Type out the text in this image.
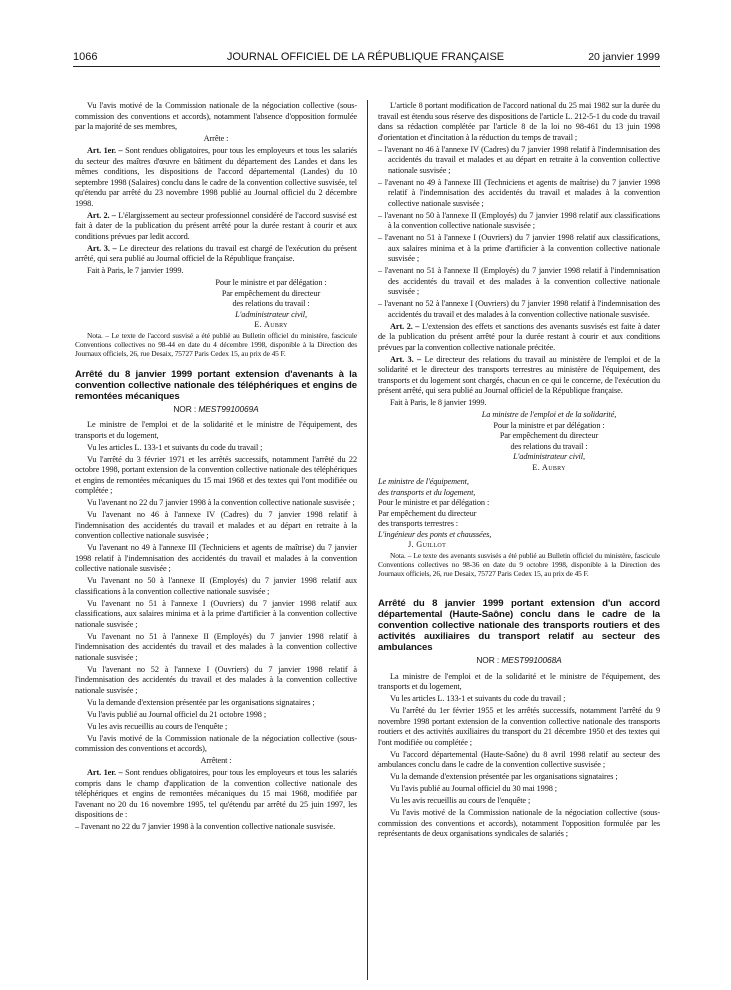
1066	JOURNAL OFFICIEL DE LA RÉPUBLIQUE FRANÇAISE	20 janvier 1999

Vu l'avis motivé de la Commission nationale de la négociation collective (sous-commission des conventions et accords), notamment l'absence d'opposition formulée par la majorité de ses membres,

Arrête :

Art. 1er. – Sont rendues obligatoires, pour tous les employeurs et tous les salariés du secteur des maîtres d'œuvre en bâtiment du département des Landes et dans les mêmes conditions, les dispositions de l'accord départemental (Landes) du 10 septembre 1998 (Salaires) conclu dans le cadre de la convention collective susvisée, tel qu'étendu par arrêté du 23 novembre 1998 publié au Journal officiel du 2 décembre 1998.

Art. 2. – L'élargissement au secteur professionnel considéré de l'accord susvisé est fait à dater de la publication du présent arrêté pour la durée restant à courir et aux conditions prévues par ledit accord.

Art. 3. – Le directeur des relations du travail est chargé de l'exécution du présent arrêté, qui sera publié au Journal officiel de la République française.

Fait à Paris, le 7 janvier 1999.

Pour le ministre et par délégation :
Par empêchement du directeur
des relations du travail :
L'administrateur civil,
E. Aubry

Nota. – Le texte de l'accord susvisé a été publié au Bulletin officiel du ministère, fascicule Conventions collectives no 98-44 en date du 4 décembre 1998, disponible à la Direction des Journaux officiels, 26, rue Desaix, 75727 Paris Cedex 15, au prix de 45 F.

Arrêté du 8 janvier 1999 portant extension d'avenants à la convention collective nationale des téléphériques et engins de remontées mécaniques
NOR : MEST9910069A

Le ministre de l'emploi et de la solidarité et le ministre de l'équipement, des transports et du logement,

Vu les articles L. 133-1 et suivants du code du travail ;

Vu l'arrêté du 3 février 1971 et les arrêtés successifs, notamment l'arrêté du 22 octobre 1998, portant extension de la convention collective nationale des téléphériques et engins de remontées mécaniques du 15 mai 1968 et des textes qui l'ont modifiée ou complétée ;

Vu l'avenant no 22 du 7 janvier 1998 à la convention collective nationale susvisée ;

Vu l'avenant no 46 à l'annexe IV (Cadres) du 7 janvier 1998 relatif à l'indemnisation des accidentés du travail et malades et au départ en retraite à la convention collective nationale susvisée ;

Vu l'avenant no 49 à l'annexe III (Techniciens et agents de maîtrise) du 7 janvier 1998 relatif à l'indemnisation des accidentés du travail et malades à la convention collective nationale susvisée ;

Vu l'avenant no 50 à l'annexe II (Employés) du 7 janvier 1998 relatif aux classifications à la convention collective nationale susvisée ;

Vu l'avenant no 51 à l'annexe I (Ouvriers) du 7 janvier 1998 relatif aux classifications, aux salaires minima et à la prime d'artificier à la convention collective nationale susvisée ;

Vu l'avenant no 51 à l'annexe II (Employés) du 7 janvier 1998 relatif à l'indemnisation des accidentés du travail et des malades à la convention collective nationale susvisée ;

Vu l'avenant no 52 à l'annexe I (Ouvriers) du 7 janvier 1998 relatif à l'indemnisation des accidentés du travail et des malades à la convention collective nationale susvisée ;

Vu la demande d'extension présentée par les organisations signataires ;

Vu l'avis publié au Journal officiel du 21 octobre 1998 ;

Vu les avis recueillis au cours de l'enquête ;

Vu l'avis motivé de la Commission nationale de la négociation collective (sous-commission des conventions et accords),

Arrêtent :

Art. 1er. – Sont rendues obligatoires, pour tous les employeurs et tous les salariés compris dans le champ d'application de la convention collective nationale des téléphériques et engins de remontées mécaniques du 15 mai 1968, modifiée par l'avenant no 20 du 16 novembre 1995, tel qu'étendu par arrêté du 25 juin 1997, les dispositions de :

– l'avenant no 22 du 7 janvier 1998 à la convention collective nationale susvisée.

L'article 8 portant modification de l'accord national du 25 mai 1982 sur la durée du travail est étendu sous réserve des dispositions de l'article L. 212-5-1 du code du travail dans sa rédaction complétée par l'article 8 de la loi no 98-461 du 13 juin 1998 d'orientation et d'incitation à la réduction du temps de travail ;

– l'avenant no 46 à l'annexe IV (Cadres) du 7 janvier 1998 relatif à l'indemnisation des accidentés du travail et malades et au départ en retraite à la convention collective nationale susvisée ;

– l'avenant no 49 à l'annexe III (Techniciens et agents de maîtrise) du 7 janvier 1998 relatif à l'indemnisation des accidentés du travail et malades à la convention collective nationale susvisée ;

– l'avenant no 50 à l'annexe II (Employés) du 7 janvier 1998 relatif aux classifications à la convention collective nationale susvisée ;

– l'avenant no 51 à l'annexe I (Ouvriers) du 7 janvier 1998 relatif aux classifications, aux salaires minima et à la prime d'artificier à la convention collective nationale susvisée ;

– l'avenant no 51 à l'annexe II (Employés) du 7 janvier 1998 relatif à l'indemnisation des accidentés du travail et des malades à la convention collective nationale susvisée ;

– l'avenant no 52 à l'annexe I (Ouvriers) du 7 janvier 1998 relatif à l'indemnisation des accidentés du travail et des malades à la convention collective nationale susvisée.

Art. 2. – L'extension des effets et sanctions des avenants susvisés est faite à dater de la publication du présent arrêté pour la durée restant à courir et aux conditions prévues par la convention collective nationale précitée.

Art. 3. – Le directeur des relations du travail au ministère de l'emploi et de la solidarité et le directeur des transports terrestres au ministère de l'équipement, des transports et du logement sont chargés, chacun en ce qui le concerne, de l'exécution du présent arrêté, qui sera publié au Journal officiel de la République française.

Fait à Paris, le 8 janvier 1999.

La ministre de l'emploi et de la solidarité,
Pour la ministre et par délégation :
Par empêchement du directeur
des relations du travail :
L'administrateur civil,
E. Aubry
Le ministre de l'équipement,
des transports et du logement,
Pour le ministre et par délégation :
Par empêchement du directeur
des transports terrestres :
L'ingénieur des ponts et chaussées,
J. Guillot

Nota. – Le texte des avenants susvisés a été publié au Bulletin officiel du ministère, fascicule Conventions collectives no 98-36 en date du 9 octobre 1998, disponible à la Direction des Journaux officiels, 26, rue Desaix, 75727 Paris Cedex 15, au prix de 45 F.

Arrêté du 8 janvier 1999 portant extension d'un accord départemental (Haute-Saône) conclu dans le cadre de la convention collective nationale des transports routiers et des activités auxiliaires du transport relatif au secteur des ambulances
NOR : MEST9910068A

La ministre de l'emploi et de la solidarité et le ministre de l'équipement, des transports et du logement,

Vu les articles L. 133-1 et suivants du code du travail ;

Vu l'arrêté du 1er février 1955 et les arrêtés successifs, notamment l'arrêté du 9 novembre 1998 portant extension de la convention collective nationale des transports routiers et des activités auxiliaires du transport du 21 décembre 1950 et des textes qui l'ont modifiée ou complétée ;

Vu l'accord départemental (Haute-Saône) du 8 avril 1998 relatif au secteur des ambulances conclu dans le cadre de la convention collective susvisée ;

Vu la demande d'extension présentée par les organisations signataires ;

Vu l'avis publié au Journal officiel du 30 mai 1998 ;

Vu les avis recueillis au cours de l'enquête ;

Vu l'avis motivé de la Commission nationale de la négociation collective (sous-commission des conventions et accords), notamment l'opposition formulée par les représentants de deux organisations syndicales de salariés ;
